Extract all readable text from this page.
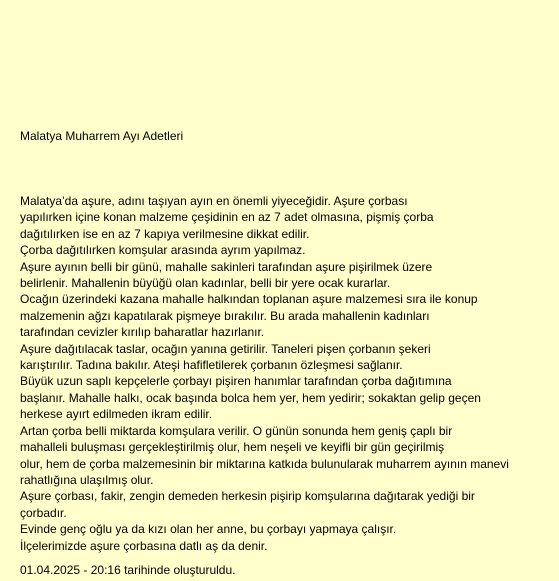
Malatya Muharrem Ayı Adetleri
Malatya’da aşure, adını taşıyan ayın en önemli yiyeceğidir. Aşure çorbası
yapılırken içine konan malzeme çeşidinin en az 7 adet olmasına, pişmiş çorba
dağıtılırken ise en az 7 kapıya verilmesine dikkat edilir.
Çorba dağıtılırken komşular arasında ayrım yapılmaz.
Aşure ayının belli bir günü, mahalle sakinleri tarafından aşure pişirilmek üzere
belirlenir. Mahallenin büyüğü olan kadınlar, belli bir yere ocak kurarlar.
Ocağın üzerindeki kazana mahalle halkından toplanan aşure malzemesi sıra ile konup
malzemenin ağzı kapatılarak pişmeye bırakılır. Bu arada mahallenin kadınları
tarafından cevizler kırılıp baharatlar hazırlanır.
Aşure dağıtılacak taslar, ocağın yanına getirilir. Taneleri pişen çorbanın şekeri
karıştırılır. Tadına bakılır. Ateşi hafifletilerek çorbanın özleşmesi sağlanır.
Büyük uzun saplı kepçelerle çorbayı pişiren hanımlar tarafından çorba dağıtımına
başlanır. Mahalle halkı, ocak başında bolca hem yer, hem yedirir; sokaktan gelip geçen
herkese ayırt edilmeden ikram edilir.
Artan çorba belli miktarda komşulara verilir. O günün sonunda hem geniş çaplı bir
mahalleli buluşması gerçekleştirilmiş olur, hem neşeli ve keyifli bir gün geçirilmiş
olur, hem de çorba malzemesinin bir miktarına katkıda bulunularak muharrem ayının manevi
rahatlığına ulaşılmış olur.
Aşure çorbası, fakir, zengin demeden herkesin pişirip komşularına dağıtarak yediği bir
çorbadır.
Evinde genç oğlu ya da kızı olan her anne, bu çorbayı yapmaya çalışır.
İlçelerimizde aşure çorbasına datlı aş da denir.
01.04.2025 - 20:16 tarihinde oluşturuldu.
